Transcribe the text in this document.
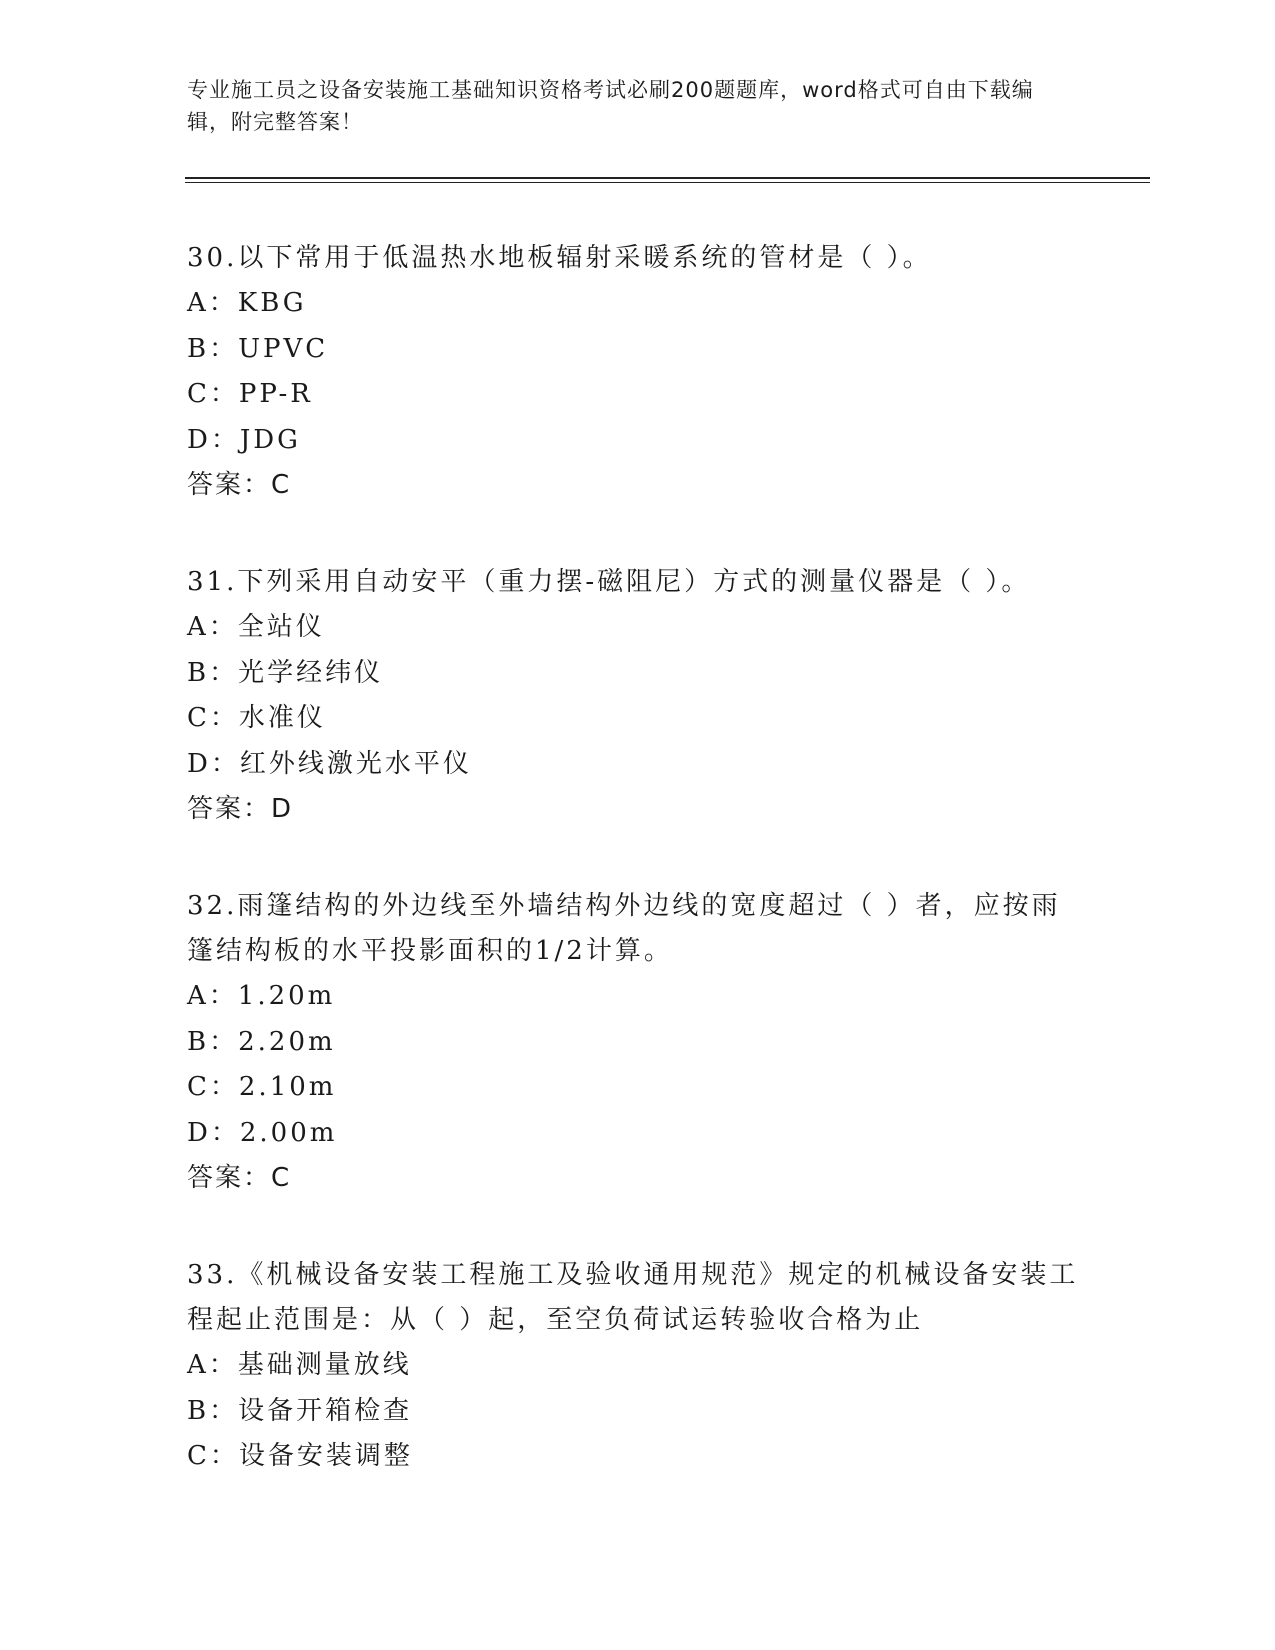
专业施工员之设备安装施工基础知识资格考试必刷200题题库，word格式可自由下载编辑，附完整答案！
30.以下常用于低温热水地板辐射采暖系统的管材是（ ）。
A：KBG
B：UPVC
C：PP-R
D：JDG
答案：C
31.下列采用自动安平（重力摆-磁阻尼）方式的测量仪器是（ ）。
A：全站仪
B：光学经纬仪
C：水准仪
D：红外线激光水平仪
答案：D
32.雨篷结构的外边线至外墙结构外边线的宽度超过（ ）者，应按雨篷结构板的水平投影面积的1/2计算。
A：1.20m
B：2.20m
C：2.10m
D：2.00m
答案：C
33.《机械设备安装工程施工及验收通用规范》规定的机械设备安装工程起止范围是：从（ ）起，至空负荷试运转验收合格为止
A：基础测量放线
B：设备开箱检查
C：设备安装调整
